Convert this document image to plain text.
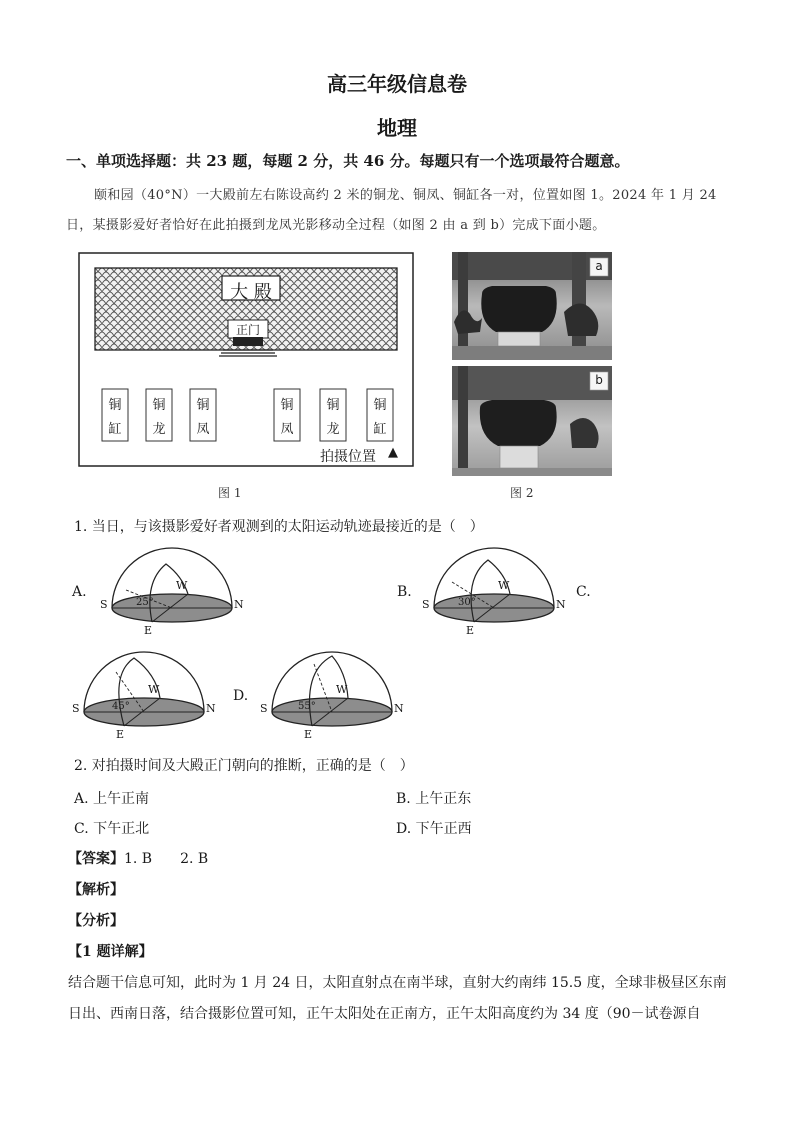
高三年级信息卷
地理
一、单项选择题：共 23 题，每题 2 分，共 46 分。每题只有一个选项最符合题意。
颐和园（40°N）一大殿前左右陈设高约 2 米的铜龙、铜凤、铜缸各一对，位置如图 1。2024 年 1 月 24
日，某摄影爱好者恰好在此拍摄到龙凤光影移动全过程（如图 2 由 a 到 b）完成下面小题。
大 殿
正门
铜
缸
铜
龙
铜
凤
铜
凤
铜
龙
铜
缸
拍摄位置 ▲
图 1
a
b
图 2
1. 当日，与该摄影爱好者观测到的太阳运动轨迹最接近的是（　）
A.
S	N
E
W
25°
B.
S	N
E
W
30°
C.
S	N
E
W
45°
D.
S	N
E
W
55°
2. 对拍摄时间及大殿正门朝向的推断，正确的是（　）
A. 上午正南	B. 上午正东
C. 下午正北	D. 下午正西
【答案】1. B　　2. B
【解析】
【分析】
【1 题详解】
结合题干信息可知，此时为 1 月 24 日，太阳直射点在南半球，直射大约南纬 15.5 度，全球非极昼区东南
日出、西南日落，结合摄影位置可知，正午太阳处在正南方，正午太阳高度约为 34 度（90－试卷源自
